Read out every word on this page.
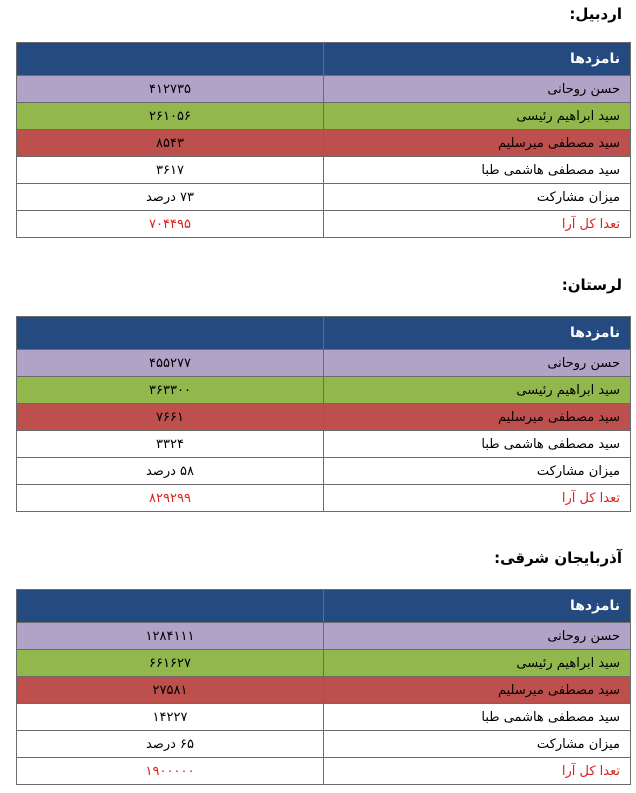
اردبیل:
نامزدها	
حسن روحانی	۴۱۲۷۳۵
سید ابراهیم رئیسی	۲۶۱۰۵۶
سید مصطفی میرسلیم	۸۵۴۳
سید مصطفی هاشمی طبا	۳۶۱۷
میزان مشارکت	۷۳ درصد
تعدا کل آرا	۷۰۴۴۹۵
لرستان:
نامزدها	
حسن روحانی	۴۵۵۲۷۷
سید ابراهیم رئیسی	۳۶۳۳۰۰
سید مصطفی میرسلیم	۷۶۶۱
سید مصطفی هاشمی طبا	۳۳۲۴
میزان مشارکت	۵۸ درصد
تعدا کل آرا	۸۲۹۲۹۹
آذربایجان شرقی:
نامزدها	
حسن روحانی	۱۲۸۴۱۱۱
سید ابراهیم رئیسی	۶۶۱۶۲۷
سید مصطفی میرسلیم	۲۷۵۸۱
سید مصطفی هاشمی طبا	۱۴۲۲۷
میزان مشارکت	۶۵ درصد
تعدا کل آرا	۱۹۰۰۰۰۰
